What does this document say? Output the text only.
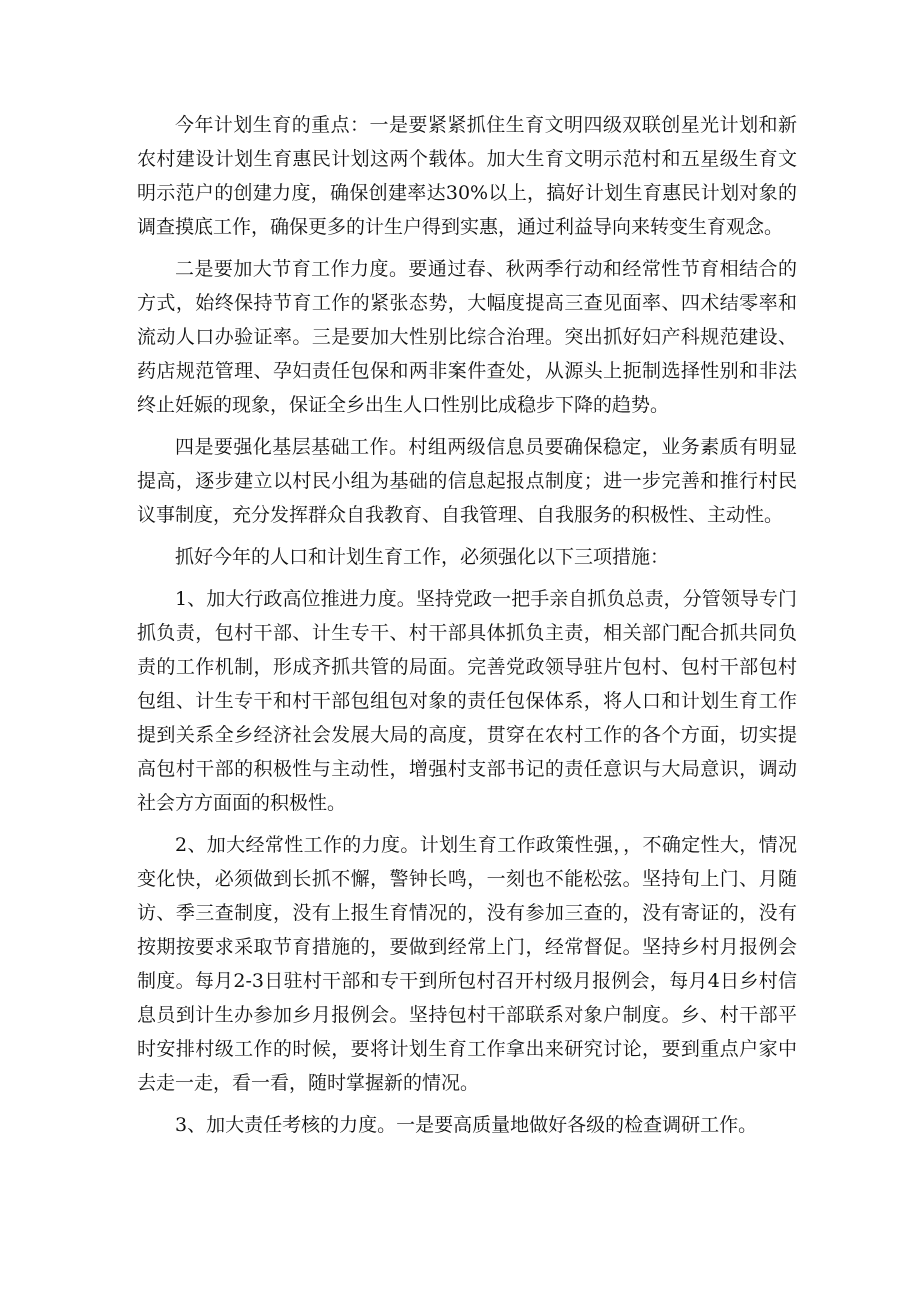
今年计划生育的重点：一是要紧紧抓住生育文明四级双联创星光计划和新农村建设计划生育惠民计划这两个载体。加大生育文明示范村和五星级生育文明示范户的创建力度，确保创建率达30%以上，搞好计划生育惠民计划对象的调查摸底工作，确保更多的计生户得到实惠，通过利益导向来转变生育观念。

二是要加大节育工作力度。要通过春、秋两季行动和经常性节育相结合的方式，始终保持节育工作的紧张态势，大幅度提高三查见面率、四术结零率和流动人口办验证率。三是要加大性别比综合治理。突出抓好妇产科规范建设、药店规范管理、孕妇责任包保和两非案件查处，从源头上扼制选择性别和非法终止妊娠的现象，保证全乡出生人口性别比成稳步下降的趋势。

四是要强化基层基础工作。村组两级信息员要确保稳定，业务素质有明显提高，逐步建立以村民小组为基础的信息起报点制度；进一步完善和推行村民议事制度，充分发挥群众自我教育、自我管理、自我服务的积极性、主动性。

抓好今年的人口和计划生育工作，必须强化以下三项措施：

1、加大行政高位推进力度。坚持党政一把手亲自抓负总责，分管领导专门抓负责，包村干部、计生专干、村干部具体抓负主责，相关部门配合抓共同负责的工作机制，形成齐抓共管的局面。完善党政领导驻片包村、包村干部包村包组、计生专干和村干部包组包对象的责任包保体系，将人口和计划生育工作提到关系全乡经济社会发展大局的高度，贯穿在农村工作的各个方面，切实提高包村干部的积极性与主动性，增强村支部书记的责任意识与大局意识，调动社会方方面面的积极性。

2、加大经常性工作的力度。计划生育工作政策性强，，不确定性大，情况变化快，必须做到长抓不懈，警钟长鸣，一刻也不能松弦。坚持旬上门、月随访、季三查制度，没有上报生育情况的，没有参加三查的，没有寄证的，没有按期按要求采取节育措施的，要做到经常上门，经常督促。坚持乡村月报例会制度。每月2-3日驻村干部和专干到所包村召开村级月报例会，每月4日乡村信息员到计生办参加乡月报例会。坚持包村干部联系对象户制度。乡、村干部平时安排村级工作的时候，要将计划生育工作拿出来研究讨论，要到重点户家中去走一走，看一看，随时掌握新的情况。

3、加大责任考核的力度。一是要高质量地做好各级的检查调研工作。
